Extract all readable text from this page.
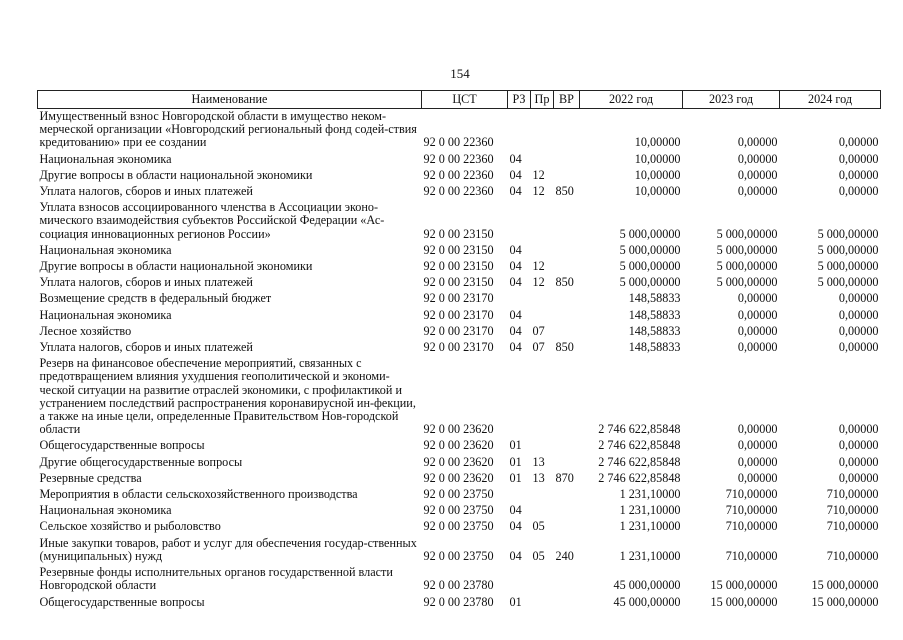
154
Наименование	ЦСТ	РЗ	Пр	ВР	2022 год	2023 год	2024 год
Имущественный взнос Новгородской области в имущество неком-мерческой организации «Новгородский региональный фонд содей-ствия кредитованию» при ее создании	92 0 00 22360				10,00000	0,00000	0,00000
Национальная экономика	92 0 00 22360	04			10,00000	0,00000	0,00000
Другие вопросы в области национальной экономики	92 0 00 22360	04	12		10,00000	0,00000	0,00000
Уплата налогов, сборов и иных платежей	92 0 00 22360	04	12	850	10,00000	0,00000	0,00000
Уплата взносов ассоциированного членства в Ассоциации эконо-мического взаимодействия субъектов Российской Федерации «Ас-социация инновационных регионов России»	92 0 00 23150				5 000,00000	5 000,00000	5 000,00000
Национальная экономика	92 0 00 23150	04			5 000,00000	5 000,00000	5 000,00000
Другие вопросы в области национальной экономики	92 0 00 23150	04	12		5 000,00000	5 000,00000	5 000,00000
Уплата налогов, сборов и иных платежей	92 0 00 23150	04	12	850	5 000,00000	5 000,00000	5 000,00000
Возмещение средств в федеральный бюджет	92 0 00 23170				148,58833	0,00000	0,00000
Национальная экономика	92 0 00 23170	04			148,58833	0,00000	0,00000
Лесное хозяйство	92 0 00 23170	04	07		148,58833	0,00000	0,00000
Уплата налогов, сборов и иных платежей	92 0 00 23170	04	07	850	148,58833	0,00000	0,00000
Резерв на финансовое обеспечение мероприятий, связанных с предотвращением влияния ухудшения геополитической и экономи-ческой ситуации на развитие отраслей экономики, с профилактикой и устранением последствий распространения коронавирусной ин-фекции, а также на иные цели, определенные Правительством Нов-городской области	92 0 00 23620				2 746 622,85848	0,00000	0,00000
Общегосударственные вопросы	92 0 00 23620	01			2 746 622,85848	0,00000	0,00000
Другие общегосударственные вопросы	92 0 00 23620	01	13		2 746 622,85848	0,00000	0,00000
Резервные средства	92 0 00 23620	01	13	870	2 746 622,85848	0,00000	0,00000
Мероприятия в области сельскохозяйственного производства	92 0 00 23750				1 231,10000	710,00000	710,00000
Национальная экономика	92 0 00 23750	04			1 231,10000	710,00000	710,00000
Сельское хозяйство и рыболовство	92 0 00 23750	04	05		1 231,10000	710,00000	710,00000
Иные закупки товаров, работ и услуг для обеспечения государ-ственных (муниципальных) нужд	92 0 00 23750	04	05	240	1 231,10000	710,00000	710,00000
Резервные фонды исполнительных органов государственной власти Новгородской области	92 0 00 23780				45 000,00000	15 000,00000	15 000,00000
Общегосударственные вопросы	92 0 00 23780	01			45 000,00000	15 000,00000	15 000,00000
